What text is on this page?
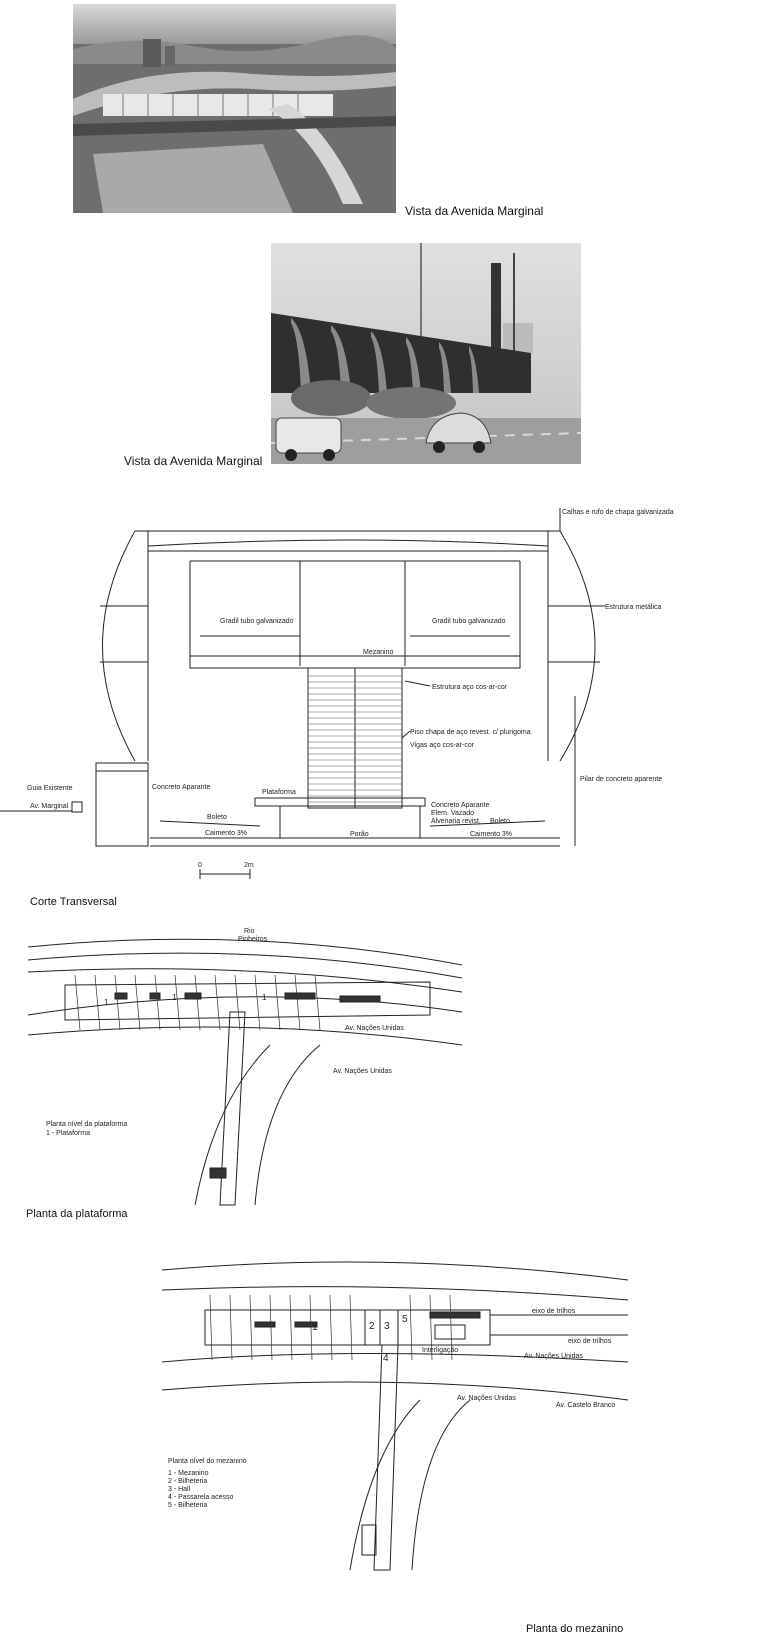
Vista da Avenida Marginal
Vista da Avenida Marginal
Calhas e rufo de chapa galvanizada
Estrutura metálica
Gradil tubo galvanizado	Gradil tubo galvanizado
Mezanino
Estrutura aço cos-ar-cor
Piso chapa de aço revest. c/ plurigoma
Vigas aço cos-ar-cor
Guia Existente
Av. Marginal
Concreto Aparante
Plataforma
Concreto Aparante
Elem. Vazado
Alvenaria revist.
Boleto
Boleto
Caimento 3%	Caimento 3%
Porão
Pilar de concreto aparente
0	2m
Corte Transversal
Rio
Pinheiros
1
1	1
Av. Nações Unidas
Av. Nações Unidas
Planta nível da plataforma
1 - Plataforma
Planta da plataforma
1	2 3
4
5
Interligação
Av. Nações Unidas
Av. Nações Unidas
Av. Castelo Branco
eixo de trilhos
eixo de trilhos
Planta nível do mezanino
1 - Mezanino
2 - Bilheteria
3 - Hall
4 - Passarela acesso
5 - Bilheteria
Planta do mezanino
